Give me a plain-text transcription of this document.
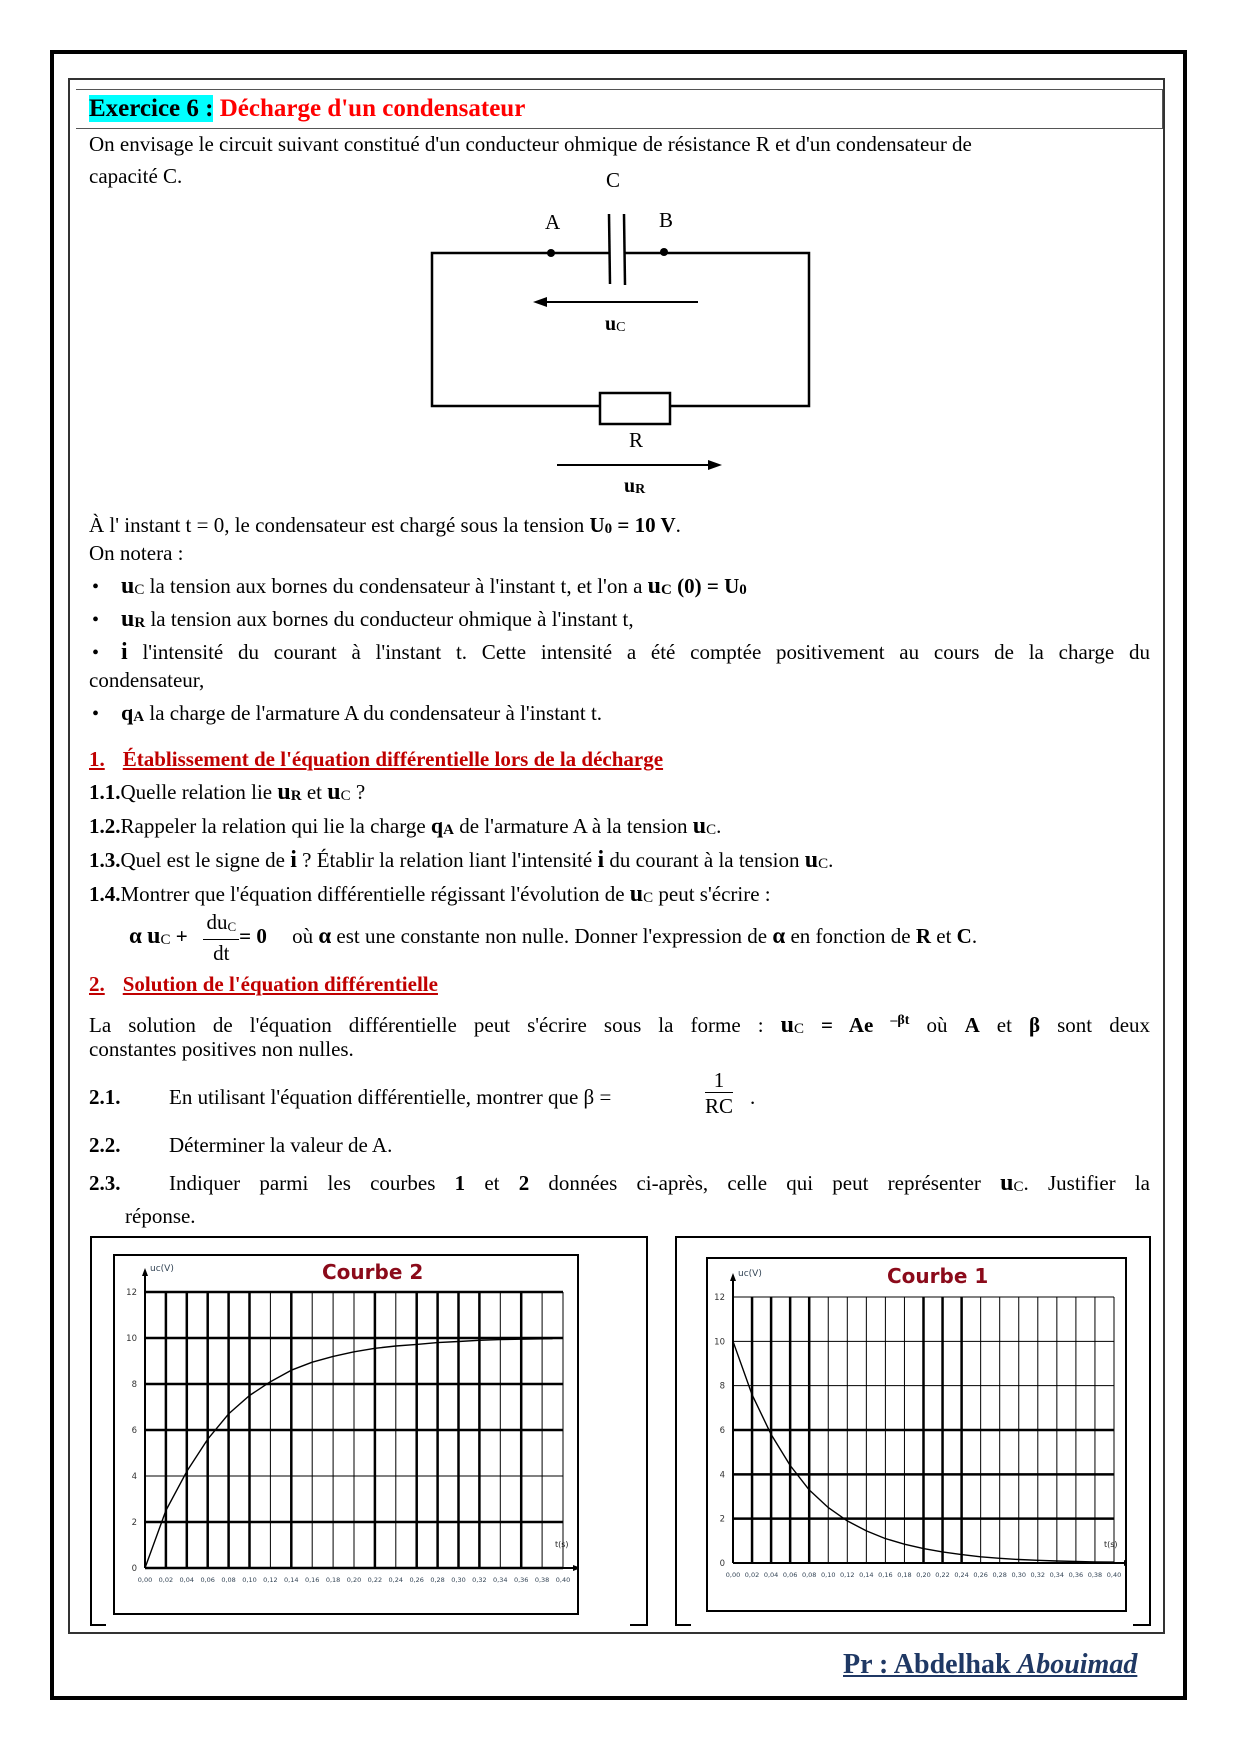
Exercice 6 : Décharge d'un condensateur
On envisage le circuit suivant constitué d'un conducteur ohmique de résistance R et d'un condensateur de
capacité C.	C
A	B
uC
R
uR
À l' instant t = 0, le condensateur est chargé sous la tension U0 = 10 V.
On notera :
• uC la tension aux bornes du condensateur à l'instant t, et l'on a uC (0) = U0
• uR la tension aux bornes du conducteur ohmique à l'instant t,
• i l'intensité du courant à l'instant t. Cette intensité a été comptée positivement au cours de la charge du
condensateur,
• qA la charge de l'armature A du condensateur à l'instant t.
1. Établissement de l'équation différentielle lors de la décharge
1.1.Quelle relation lie uR et uC ?
1.2.Rappeler la relation qui lie la charge qA de l'armature A à la tension uC.
1.3.Quel est le signe de i ? Établir la relation liant l'intensité i du courant à la tension uC.
1.4.Montrer que l'équation différentielle régissant l'évolution de uC peut s'écrire :
α uC + $\frac{\text{duC}}{dt} = 0$ où α est une constante non nulle. Donner l'expression de α en fonction de R et C.
2. Solution de l'équation différentielle
La solution de l'équation différentielle peut s'écrire sous la forme : uC = Ae $^{-\beta t}$ où A et β sont deux
constantes positives non nulles.
2.1. En utilisant l'équation différentielle, montrer que β =	$\frac{1}{RC}$ .
2.2. Déterminer la valeur de A.
2.3. Indiquer parmi les courbes 1 et 2 données ci-après, celle qui peut représenter uC. Justifier la
réponse.
0,00 0,02 0,04 0,06 0,08 0,10 0,12 0,14 0,16 0,18 0,20 0,22 0,24 0,26 0,28 0,30 0,32 0,34 0,36 0,38 0,40
0
2
4
6
8
10
12
Courbe 2
uc(V)
t(s)
0,00 0,02 0,04 0,06 0,08 0,10 0,12 0,14 0,16 0,18 0,20 0,22 0,24 0,26 0,28 0,30 0,32 0,34 0,36 0,38 0,40
0
2
4
6
8
10
12
Courbe 1
uc(V)
t(s)
Pr : Abdelhak Abouimad
